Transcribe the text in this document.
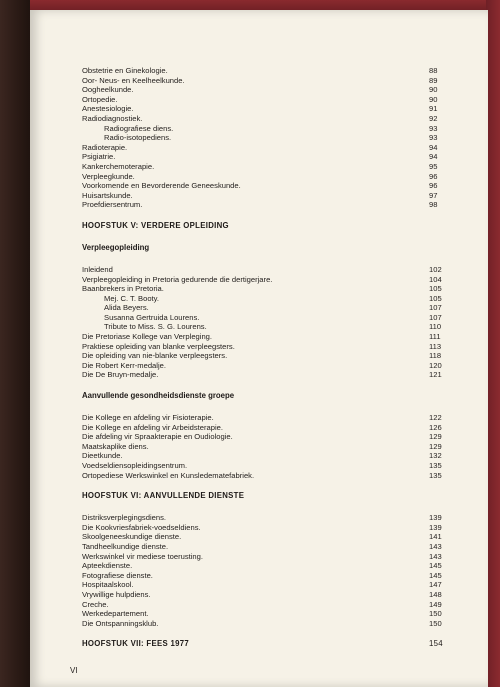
Obstetrie en Ginekologie.	88
Oor- Neus- en Keelheelkunde.	89
Oogheelkunde.	90
Ortopedie.	90
Anestesiologie.	91
Radiodiagnostiek.	92
Radiografiese diens.	93
Radio-isotopediens.	93
Radioterapie.	94
Psigiatrie.	94
Kankerchemoterapie.	95
Verpleegkunde.	96
Voorkomende en Bevorderende Geneeskunde.	96
Huisartskunde.	97
Proefdiersentrum.	98
HOOFSTUK V: VERDERE OPLEIDING
Verpleegopleiding
Inleidend	102
Verpleegopleiding in Pretoria gedurende die dertigerjare.	104
Baanbrekers in Pretoria.	105
Mej. C. T. Booty.	105
Alida Beyers.	107
Susanna Gertruida Lourens.	107
Tribute to Miss. S. G. Lourens.	110
Die Pretoriase Kollege van Verpleging.	111
Praktiese opleiding van blanke verpleegsters.	113
Die opleiding van nie-blanke verpleegsters.	118
Die Robert Kerr-medalje.	120
Die De Bruyn-medalje.	121
Aanvullende gesondheidsdienste groepe
Die Kollege en afdeling vir Fisioterapie.	122
Die Kollege en afdeling vir Arbeidsterapie.	126
Die afdeling vir Spraakterapie en Oudiologie.	129
Maatskaplike diens.	129
Dieetkunde.	132
Voedseldiensopleidingsentrum.	135
Ortopediese Werkswinkel en Kunsledematefabriek.	135
HOOFSTUK VI: AANVULLENDE DIENSTE
Distriksverplegingsdiens.	139
Die Kookvriesfabriek-voedseldiens.	139
Skoolgeneeskundige dienste.	141
Tandheelkundige dienste.	143
Werkswinkel vir mediese toerusting.	143
Apteekdienste.	145
Fotografiese dienste.	145
Hospitaalskool.	147
Vrywillige hulpdiens.	148
Creche.	149
Werkedepartement.	150
Die Ontspanningsklub.	150
HOOFSTUK VII: FEES 1977	154
VI
